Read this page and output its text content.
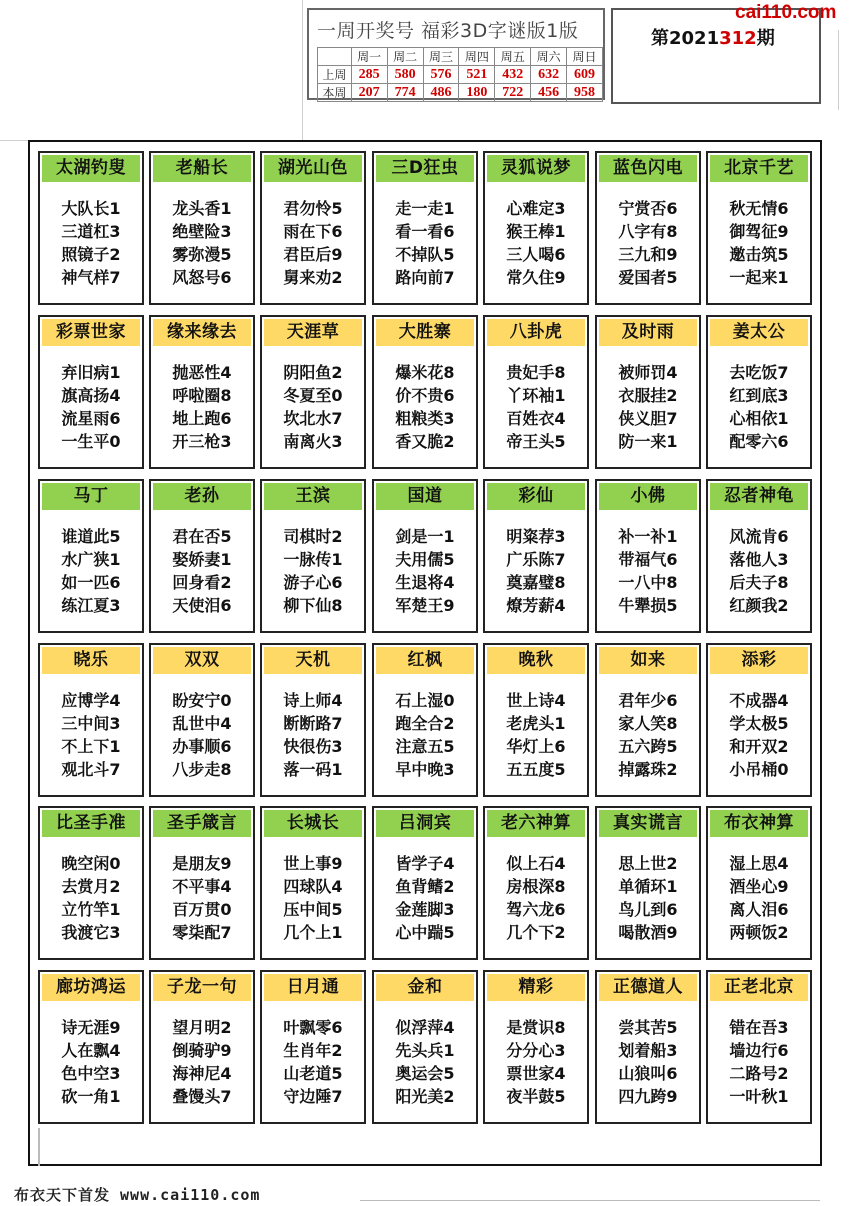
一周开奖号 福彩3D字谜版1版
	周一	周二	周三	周四	周五	周六	周日
上周	285	580	576	521	432	632	609
本周	207	774	486	180	722	456	958
第2021312期
cai110.com
太湖钓叟
大队长1
三道杠3
照镜子2
神气样7
老船长
龙头香1
绝壁险3
雾弥漫5
风怒号6
湖光山色
君勿怜5
雨在下6
君臣后9
舅来劝2
三D狂虫
走一走1
看一看6
不掉队5
路向前7
灵狐说梦
心难定3
猴王棒1
三人喝6
常久住9
蓝色闪电
宁赏否6
八字有8
三九和9
爱国者5
北京千艺
秋无情6
御驾征9
邀击筑5
一起来1
彩票世家
弃旧病1
旗高扬4
流星雨6
一生平0
缘来缘去
抛恶性4
呼啦圈8
地上跑6
开三枪3
天涯草
阴阳鱼2
冬夏至0
坎北水7
南离火3
大胜寨
爆米花8
价不贵6
粗粮类3
香又脆2
八卦虎
贵妃手8
丫环袖1
百姓衣4
帝王头5
及时雨
被师罚4
衣服挂2
侠义胆7
防一来1
姜太公
去吃饭7
红到底3
心相依1
配零六6
马丁
谁道此5
水广狭1
如一匹6
练江夏3
老孙
君在否5
娶娇妻1
回身看2
天使泪6
王滨
司棋时2
一脉传1
游子心6
柳下仙8
国道
剑是一1
夫用儒5
生退将4
军楚王9
彩仙
明粢荐3
广乐陈7
奠嘉璧8
燎芳薪4
小佛
补一补1
带福气6
一八中8
牛犟损5
忍者神龟
风流肯6
落他人3
后夫子8
红颜我2
晓乐
应博学4
三中间3
不上下1
观北斗7
双双
盼安宁0
乱世中4
办事顺6
八步走8
天机
诗上师4
断断路7
快很伤3
落一码1
红枫
石上湿0
跑全合2
注意五5
早中晚3
晚秋
世上诗4
老虎头1
华灯上6
五五度5
如来
君年少6
家人笑8
五六跨5
掉露珠2
添彩
不成器4
学太极5
和开双2
小吊桶0
比圣手准
晚空闲0
去赏月2
立竹竿1
我渡它3
圣手箴言
是朋友9
不平事4
百万贯0
零柒配7
长城长
世上事9
四球队4
压中间5
几个上1
吕洞宾
皆学子4
鱼背鳍2
金莲脚3
心中踹5
老六神算
似上石4
房根深8
驾六龙6
几个下2
真实谎言
思上世2
单循环1
鸟儿到6
喝散酒9
布衣神算
湿上思4
酒坐心9
离人泪6
两顿饭2
廊坊鸿运
诗无涯9
人在飘4
色中空3
砍一角1
子龙一句
望月明2
倒骑驴9
海神尼4
叠馒头7
日月通
叶飘零6
生肖年2
山老道5
守边陲7
金和
似浮萍4
先头兵1
奥运会5
阳光美2
精彩
是赏识8
分分心3
票世家4
夜半鼓5
正德道人
尝其苦5
划着船3
山狼叫6
四九跨9
正老北京
错在吾3
墙边行6
二路号2
一叶秋1
布衣天下首发 www.cai110.com
